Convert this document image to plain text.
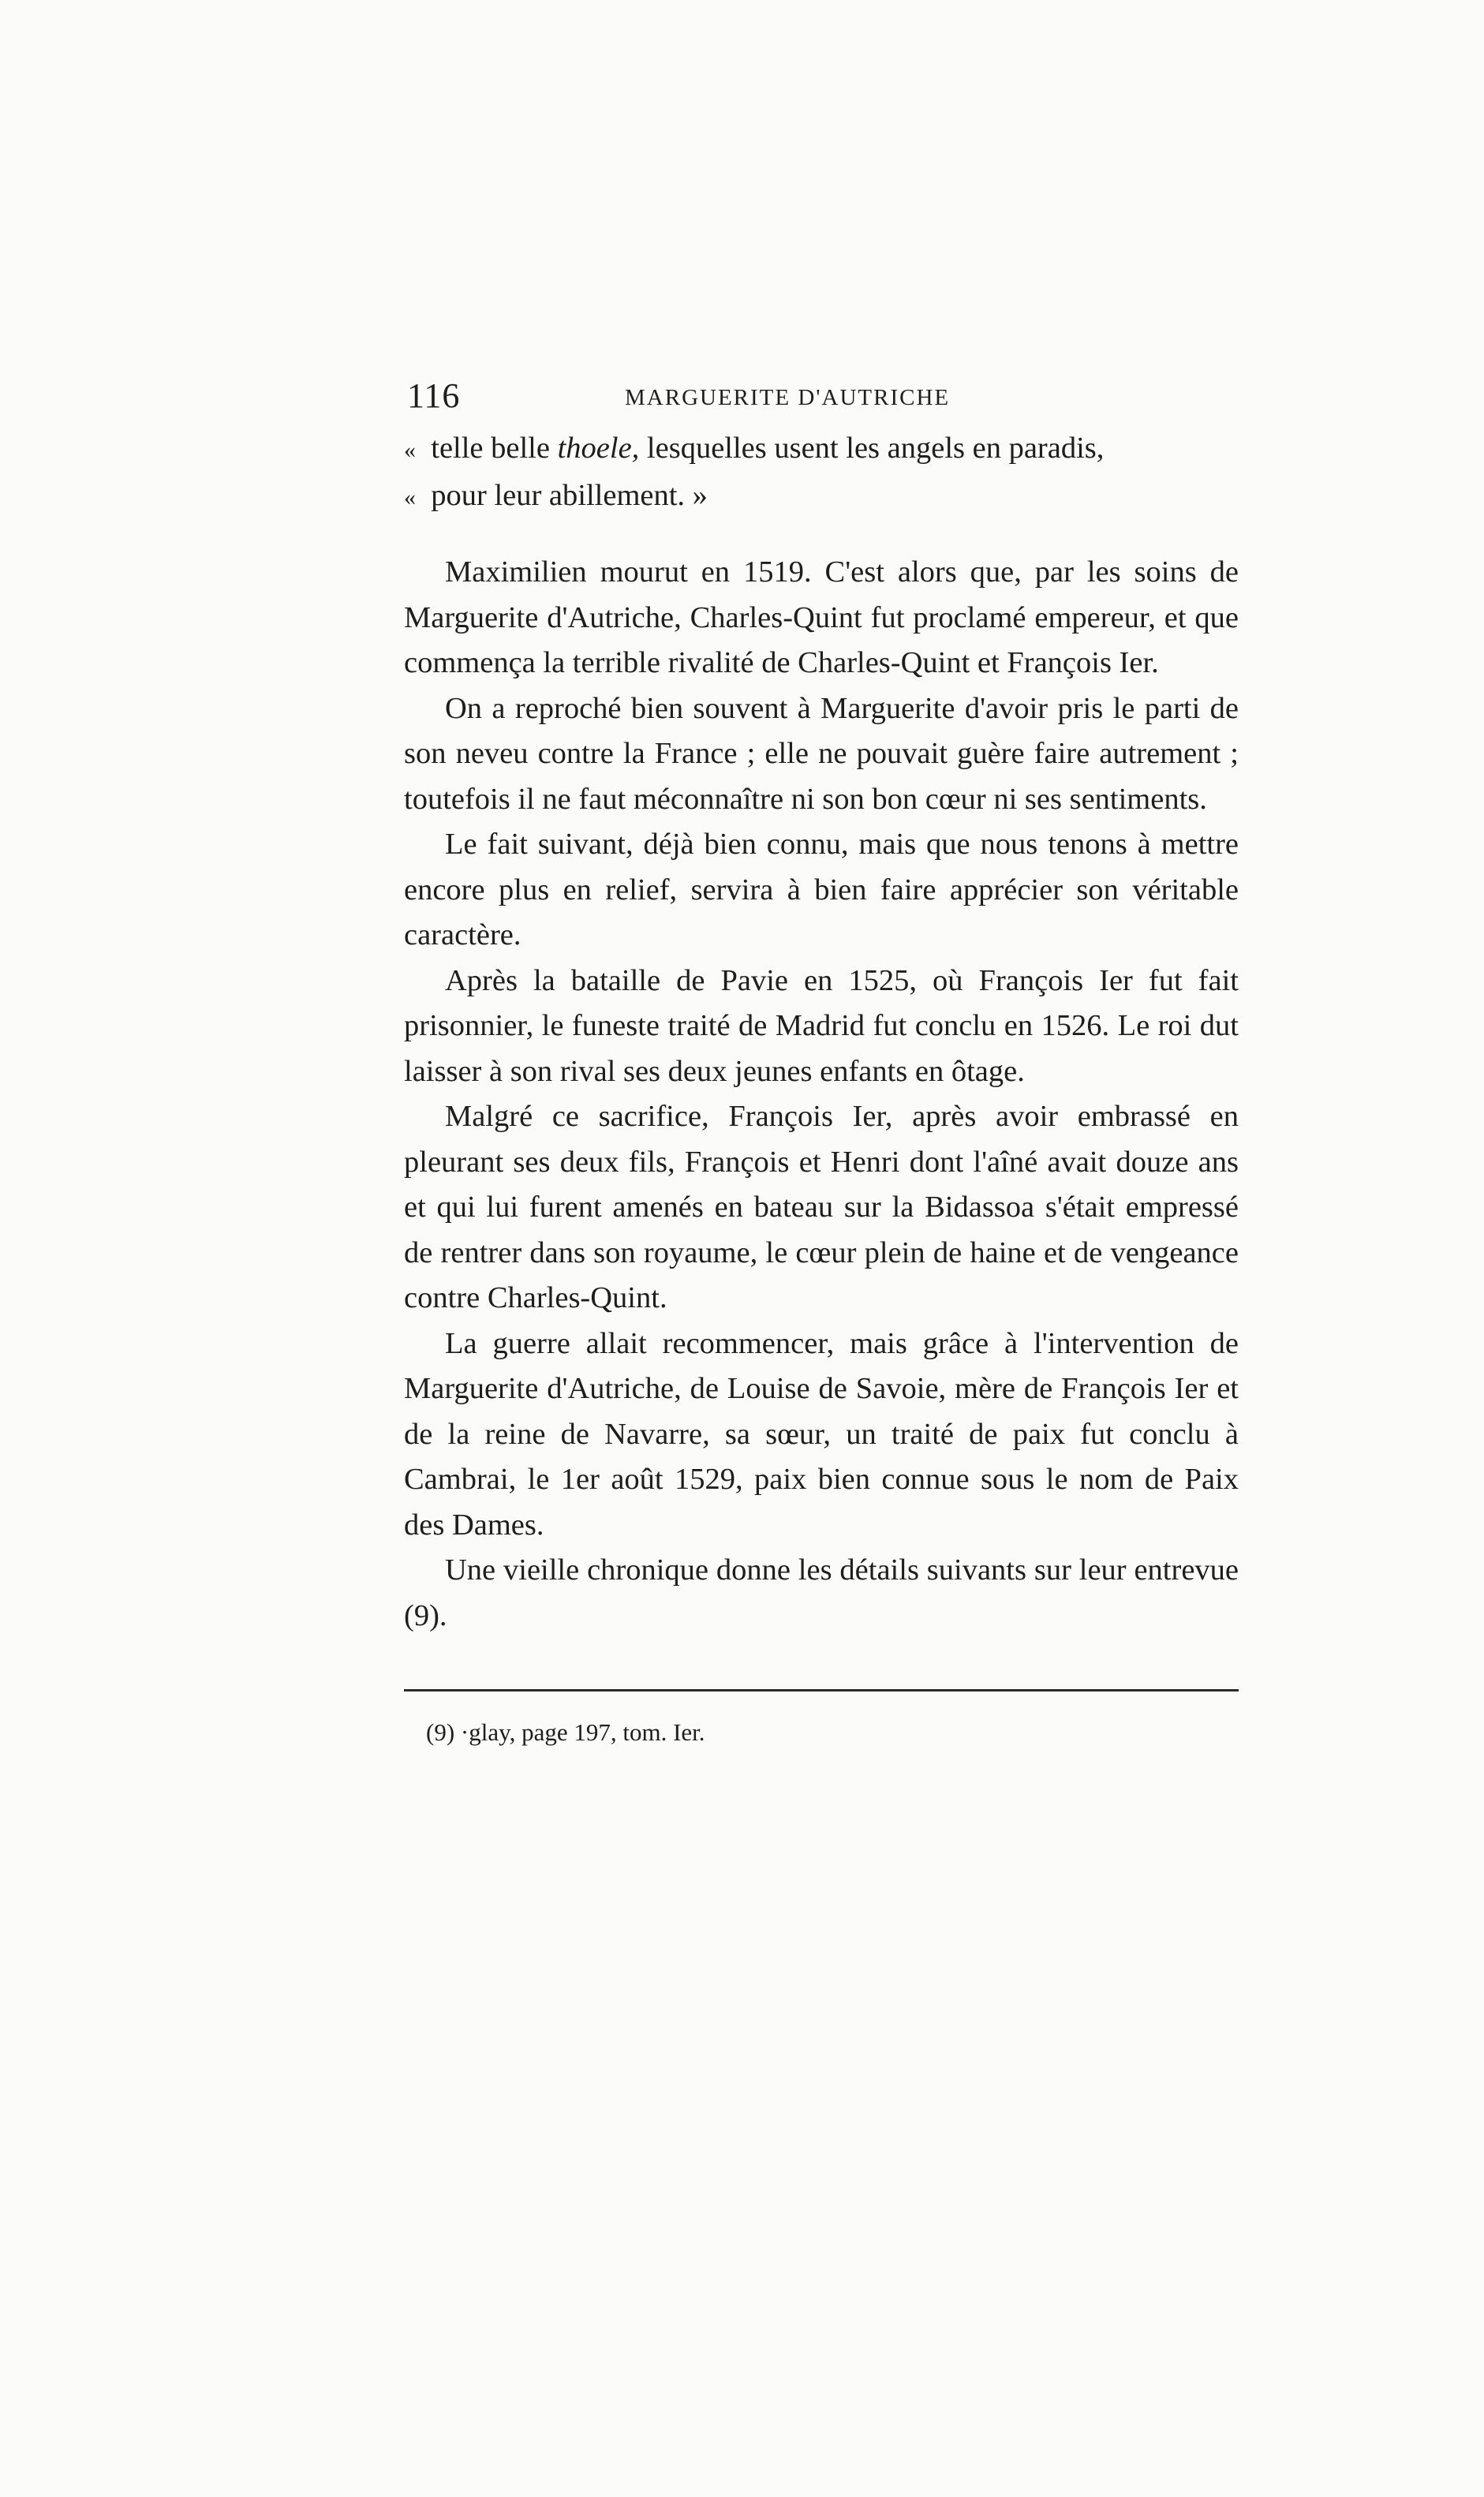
116	MARGUERITE D'AUTRICHE

« telle belle thoele, lesquelles usent les angels en paradis,

« pour leur abillement. »

Maximilien mourut en 1519. C'est alors que, par les soins de Marguerite d'Autriche, Charles-Quint fut proclamé empereur, et que commença la terrible rivalité de Charles-Quint et François Ier.

On a reproché bien souvent à Marguerite d'avoir pris le parti de son neveu contre la France ; elle ne pouvait guère faire autrement ; toutefois il ne faut méconnaître ni son bon cœur ni ses sentiments.

Le fait suivant, déjà bien connu, mais que nous tenons à mettre encore plus en relief, servira à bien faire apprécier son véritable caractère.

Après la bataille de Pavie en 1525, où François Ier fut fait prisonnier, le funeste traité de Madrid fut conclu en 1526. Le roi dut laisser à son rival ses deux jeunes enfants en ôtage.

Malgré ce sacrifice, François Ier, après avoir embrassé en pleurant ses deux fils, François et Henri dont l'aîné avait douze ans et qui lui furent amenés en bateau sur la Bidassoa s'était empressé de rentrer dans son royaume, le cœur plein de haine et de vengeance contre Charles-Quint.

La guerre allait recommencer, mais grâce à l'intervention de Marguerite d'Autriche, de Louise de Savoie, mère de François Ier et de la reine de Navarre, sa sœur, un traité de paix fut conclu à Cambrai, le 1er août 1529, paix bien connue sous le nom de Paix des Dames.

Une vieille chronique donne les détails suivants sur leur entrevue (9).

(9) ·glay, page 197, tom. Ier.
